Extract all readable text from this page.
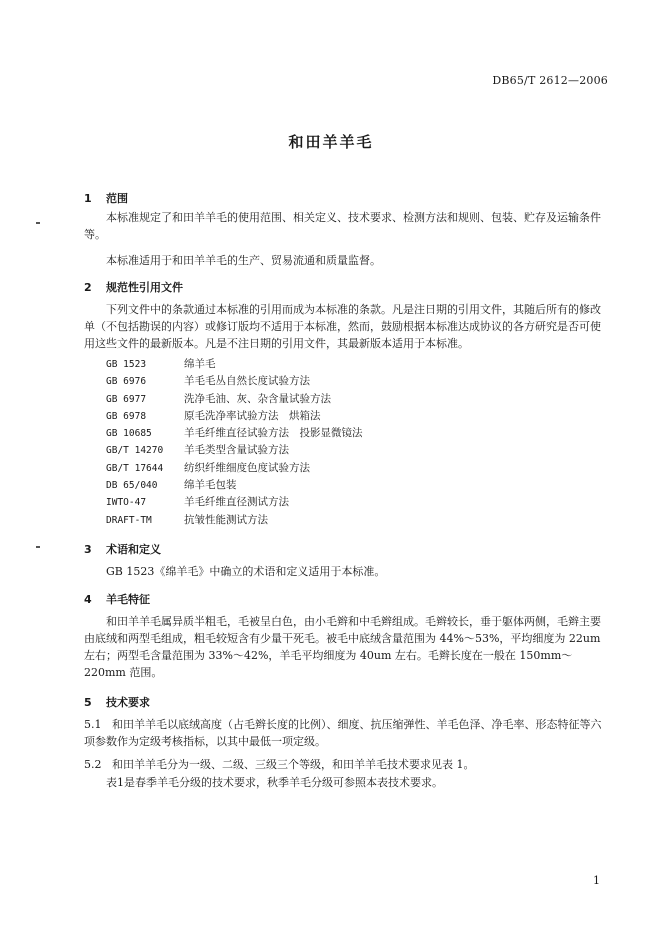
DB65/T 2612—2006
和田羊羊毛
1 范围

本标准规定了和田羊羊毛的使用范围、相关定义、技术要求、检测方法和规则、包装、贮存及运输条件等。

本标准适用于和田羊羊毛的生产、贸易流通和质量监督。

2 规范性引用文件

下列文件中的条款通过本标准的引用而成为本标准的条款。凡是注日期的引用文件，其随后所有的修改单（不包括勘误的内容）或修订版均不适用于本标准，然而，鼓励根据本标准达成协议的各方研究是否可使用这些文件的最新版本。凡是不注日期的引用文件，其最新版本适用于本标准。

GB 1523	绵羊毛
GB 6976	羊毛毛丛自然长度试验方法
GB 6977	洗净毛油、灰、杂含量试验方法
GB 6978	原毛洗净率试验方法　烘箱法
GB 10685	羊毛纤维直径试验方法　投影显微镜法
GB/T 14270 羊毛类型含量试验方法
GB/T 17644 纺织纤维细度色度试验方法
DB 65/040	绵羊毛包装
IWTO-47	羊毛纤维直径测试方法
DRAFT-TM	抗皱性能测试方法
3 术语和定义

GB 1523《绵羊毛》中确立的术语和定义适用于本标准。

4 羊毛特征

和田羊羊毛属异质半粗毛，毛被呈白色，由小毛辫和中毛辫组成。毛辫较长，垂于躯体两侧，毛辫主要由底绒和两型毛组成，粗毛较短含有少量干死毛。被毛中底绒含量范围为 44%～53%，平均细度为 22um 左右；两型毛含量范围为 33%～42%，羊毛平均细度为 40um 左右。毛辫长度在一般在 150mm～220mm 范围。

5 技术要求

5.1 和田羊羊毛以底绒高度（占毛辫长度的比例）、细度、抗压缩弹性、羊毛色泽、净毛率、形态特征等六项参数作为定级考核指标，以其中最低一项定级。

5.2 和田羊羊毛分为一级、二级、三级三个等级，和田羊羊毛技术要求见表 1。

表1是春季羊毛分级的技术要求，秋季羊毛分级可参照本表技术要求。

1
